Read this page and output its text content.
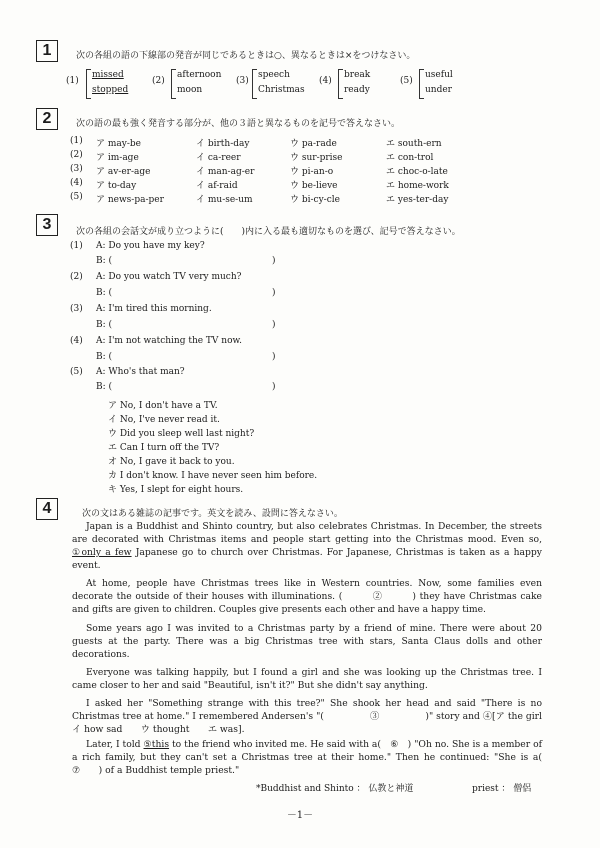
1	次の各組の語の下線部の発音が同じであるときは○、異なるときは×をつけなさい。
(1)
missed
stopped
(2)
afternoon
moon
(3)
speech
Christmas
(4)
break
ready
(5)
useful
under
2	次の語の最も強く発音する部分が、他の３語と異なるものを記号で答えなさい。
(1) ア may-be	イ birth-day	ウ pa-rade	エ south-ern
(2) ア im-age	イ ca-reer	ウ sur-prise	エ con-trol
(3) ア av-er-age	イ man-ag-er	ウ pi-an-o	エ choc-o-late
(4) ア to-day	イ af-raid	ウ be-lieve	エ home-work
(5) ア news-pa-per	イ mu-se-um	ウ bi-cy-cle	エ yes-ter-day
3	次の各組の会話文が成り立つように(　　)内に入る最も適切なものを選び、記号で答えなさい。
(1) A: Do you have my key?
B: (	)
(2) A: Do you watch TV very much?
B: (	)
(3) A: I'm tired this morning.
B: (	)
(4) A: I'm not watching the TV now.
B: (	)
(5) A: Who's that man?
B: (	)
ア No, I don't have a TV.
イ No, I've never read it.
ウ Did you sleep well last night?
エ Can I turn off the TV?
オ No, I gave it back to you.
カ I don't know. I have never seen him before.
キ Yes, I slept for eight hours.
4	次の文はある雑誌の記事です。英文を読み、設問に答えなさい。
Japan is a Buddhist and Shinto country, but also celebrates Christmas. In December, the streets are decorated with Christmas items and people start getting into the Christmas mood. Even so, ①only a few Japanese go to church over Christmas. For Japanese, Christmas is taken as a happy event.
At home, people have Christmas trees like in Western countries. Now, some families even decorate the outside of their houses with illuminations. (　　　②　　　) they have Christmas cake and gifts are given to children. Couples give presents each other and have a happy time.
Some years ago I was invited to a Christmas party by a friend of mine. There were about 20 guests at the party. There was a big Christmas tree with stars, Santa Claus dolls and other decorations.
Everyone was talking happily, but I found a girl and she was looking up the Christmas tree. I came closer to her and said "Beautiful, isn't it?" But she didn't say anything.
I asked her "Something strange with this tree?" She shook her head and said "There is no Christmas tree at home." I remembered Andersen's "(　　　　　③　　　　　)" story and ④[ア the girl　イ how sad　　ウ thought　　エ was].
Later, I told ⑤this to the friend who invited me. He said with a(　⑥　) "Oh no. She is a member of a rich family, but they can't set a Christmas tree at their home." Then he continued: "She is a(　　⑦　　) of a Buddhist temple priest."
*Buddhist and Shinto ： 仏教と神道	priest ： 僧侶
－1－
